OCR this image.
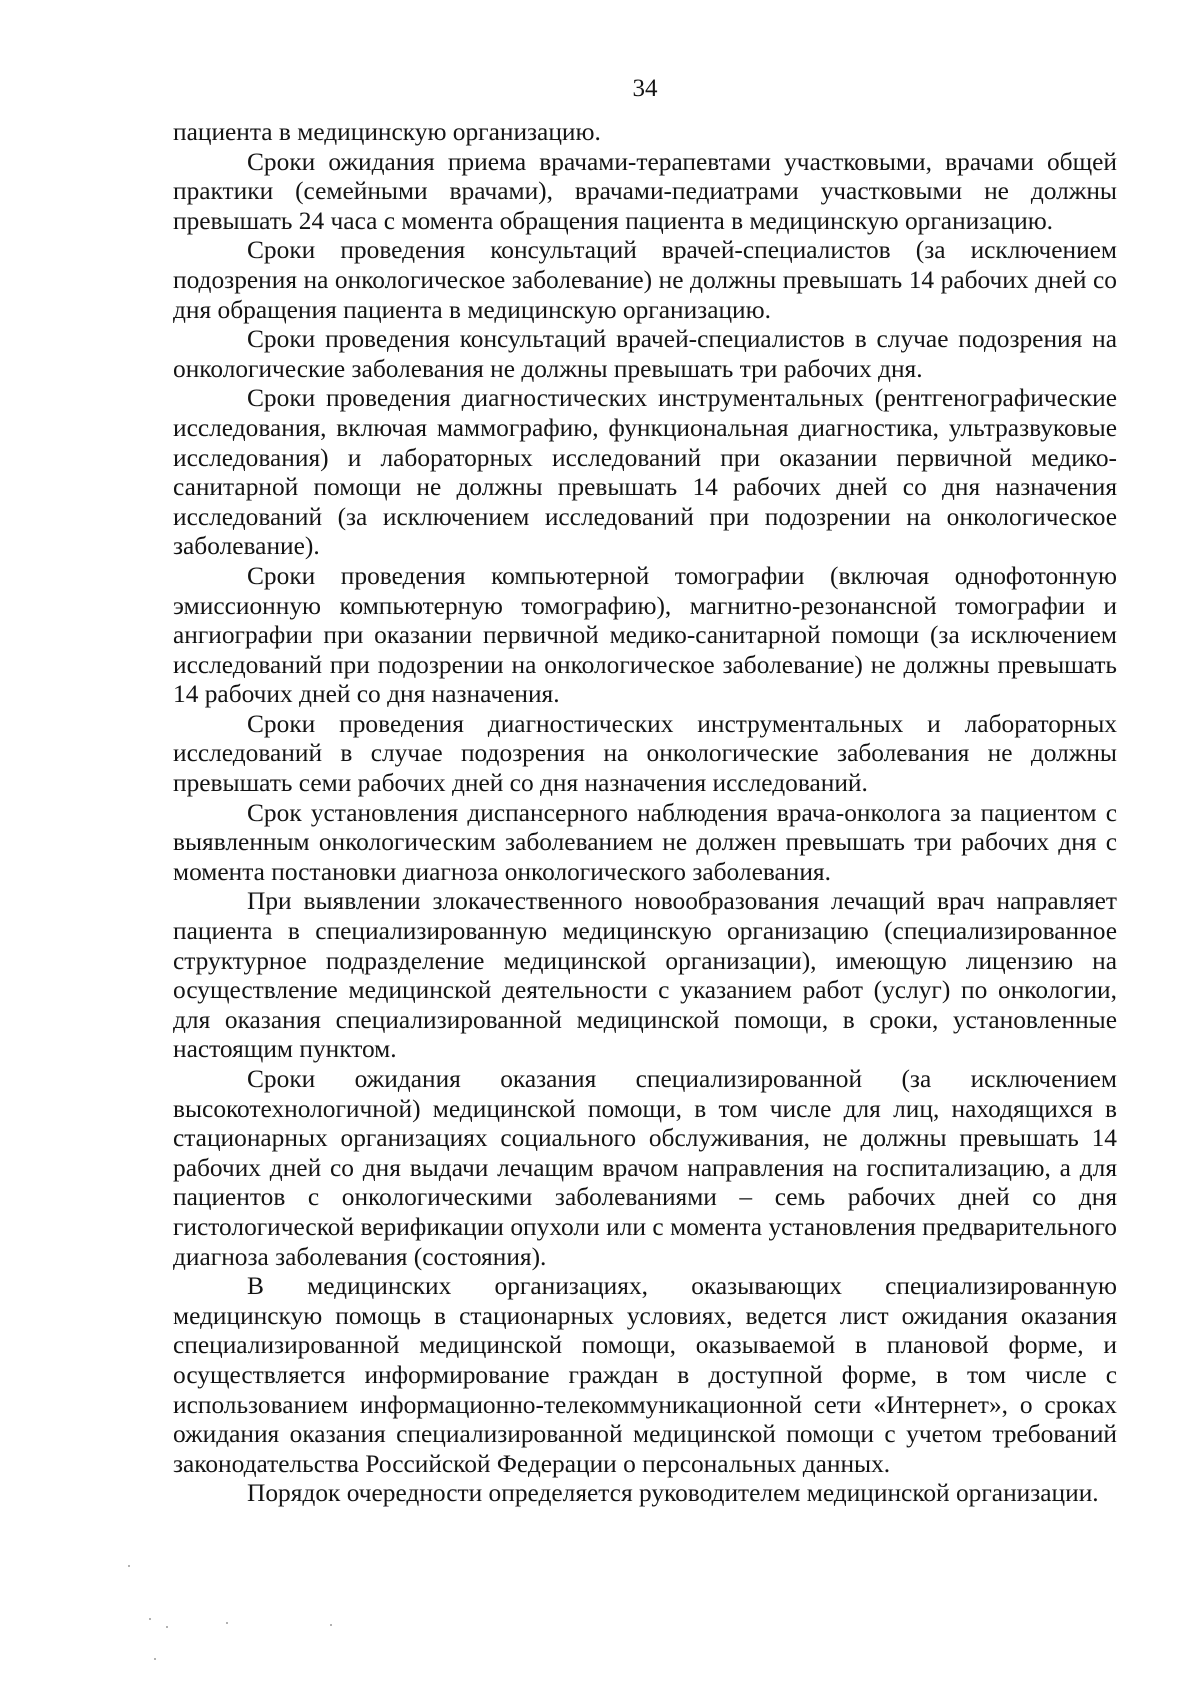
34

пациента в медицинскую организацию.

Сроки ожидания приема врачами-терапевтами участковыми, врачами общей практики (семейными врачами), врачами-педиатрами участковыми не должны превышать 24 часа с момента обращения пациента в медицинскую организацию.

Сроки проведения консультаций врачей-специалистов (за исключением подозрения на онкологическое заболевание) не должны превышать 14 рабочих дней со дня обращения пациента в медицинскую организацию.

Сроки проведения консультаций врачей-специалистов в случае подозрения на онкологические заболевания не должны превышать три рабочих дня.

Сроки проведения диагностических инструментальных (рентгенографические исследования, включая маммографию, функциональная диагностика, ультразвуковые исследования) и лабораторных исследований при оказании первичной медико-санитарной помощи не должны превышать 14 рабочих дней со дня назначения исследований (за исключением исследований при подозрении на онкологическое заболевание).

Сроки проведения компьютерной томографии (включая однофотонную эмиссионную компьютерную томографию), магнитно-резонансной томографии и ангиографии при оказании первичной медико-санитарной помощи (за исключением исследований при подозрении на онкологическое заболевание) не должны превышать 14 рабочих дней со дня назначения.

Сроки проведения диагностических инструментальных и лабораторных исследований в случае подозрения на онкологические заболевания не должны превышать семи рабочих дней со дня назначения исследований.

Срок установления диспансерного наблюдения врача-онколога за пациентом с выявленным онкологическим заболеванием не должен превышать три рабочих дня с момента постановки диагноза онкологического заболевания.

При выявлении злокачественного новообразования лечащий врач направляет пациента в специализированную медицинскую организацию (специализированное структурное подразделение медицинской организации), имеющую лицензию на осуществление медицинской деятельности с указанием работ (услуг) по онкологии, для оказания специализированной медицинской помощи, в сроки, установленные настоящим пунктом.

Сроки ожидания оказания специализированной (за исключением высокотехнологичной) медицинской помощи, в том числе для лиц, находящихся в стационарных организациях социального обслуживания, не должны превышать 14 рабочих дней со дня выдачи лечащим врачом направления на госпитализацию, а для пациентов с онкологическими заболеваниями – семь рабочих дней со дня гистологической верификации опухоли или с момента установления предварительного диагноза заболевания (состояния).

В медицинских организациях, оказывающих специализированную медицинскую помощь в стационарных условиях, ведется лист ожидания оказания специализированной медицинской помощи, оказываемой в плановой форме, и осуществляется информирование граждан в доступной форме, в том числе с использованием информационно-телекоммуникационной сети «Интернет», о сроках ожидания оказания специализированной медицинской помощи с учетом требований законодательства Российской Федерации о персональных данных.

Порядок очередности определяется руководителем медицинской организации.
